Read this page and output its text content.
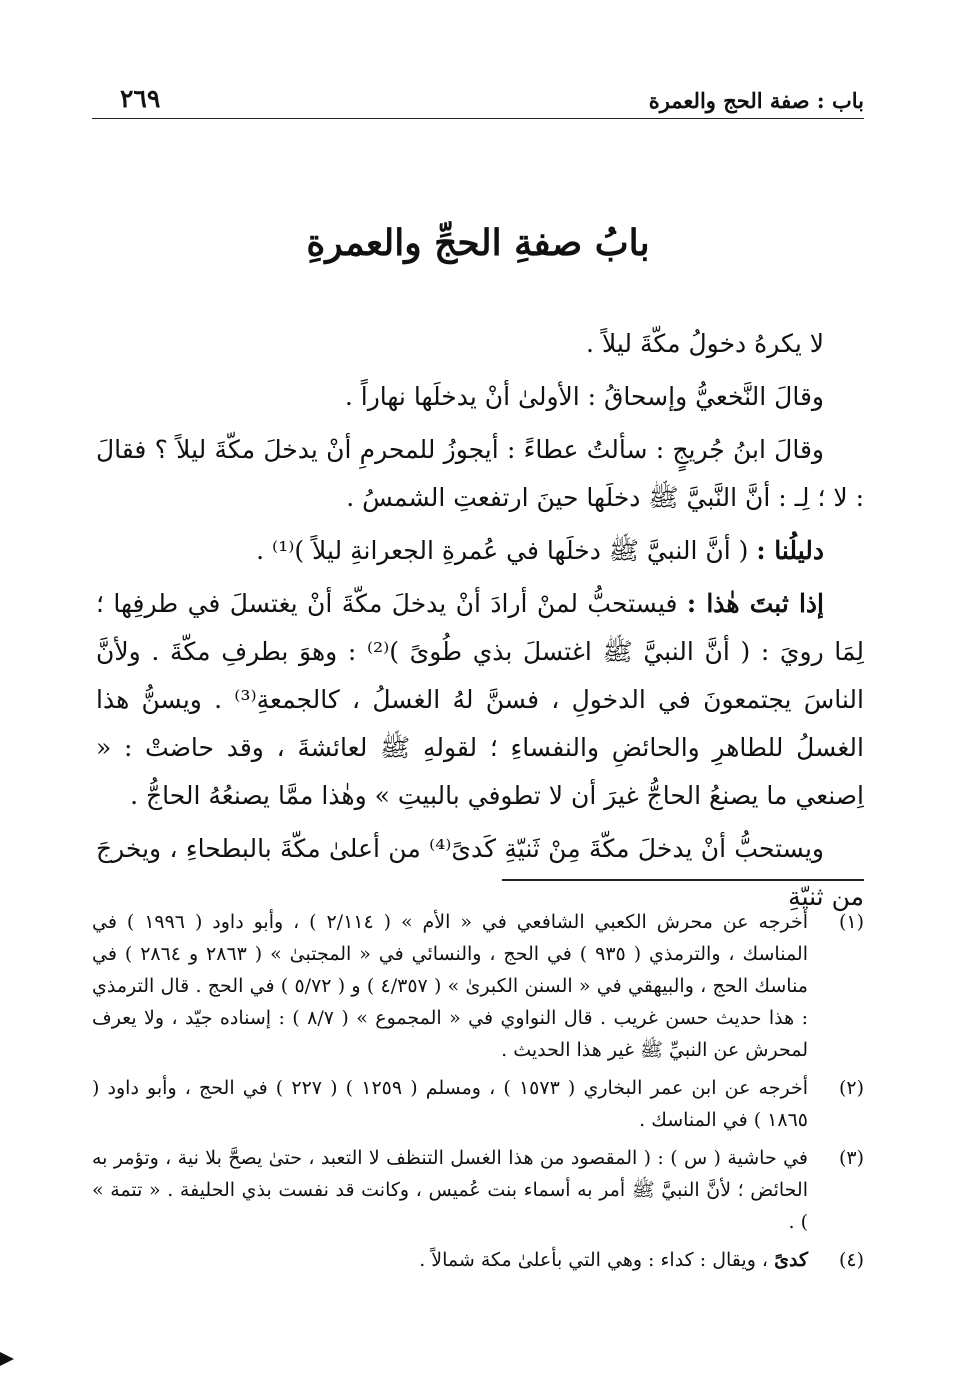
باب : صفة الحج والعمرة
٢٦٩
بابُ صفةِ الحجِّ والعمرةِ

لا يكرهُ دخولُ مكّةَ ليلاً .

وقالَ النَّخعيُّ وإسحاقُ : الأولىٰ أنْ يدخلَها نهاراً .

وقالَ ابنُ جُريجٍ : سألتُ عطاءً : أيجوزُ للمحرمِ أنْ يدخلَ مكّةَ ليلاً ؟ فقالَ : لا ؛ لِـ : أنَّ النَّبيَّ ﷺ دخلَها حينَ ارتفعتِ الشمسُ .

دليلُنا : ( أنَّ النبيَّ ﷺ دخلَها في عُمرةِ الجعرانةِ ليلاً )⁽¹⁾ .

إذا ثبتَ هٰذا : فيستحبُّ لمنْ أرادَ أنْ يدخلَ مكّةَ أنْ يغتسلَ في طرفِها ؛ لِمَا رويَ : ( أنَّ النبيَّ ﷺ اغتسلَ بذي طُوىً )⁽²⁾ : وهوَ بطرفِ مكّةَ . ولأنَّ الناسَ يجتمعونَ في الدخولِ ، فسنَّ لهُ الغسلُ ، كالجمعةِ⁽³⁾ . ويسنُّ هذا الغسلُ للطاهرِ والحائضِ والنفساءِ ؛ لقولهِ ﷺ لعائشةَ ، وقد حاضتْ : « اِصنعي ما يصنعُ الحاجُّ غيرَ أن لا تطوفي بالبيتِ » وهٰذا ممَّا يصنعُهُ الحاجُّ .

ويستحبُّ أنْ يدخلَ مكّةَ مِنْ ثَنيّةِ كَدىً⁽⁴⁾ من أعلىٰ مكّةَ بالبطحاءِ ، ويخرجَ من ثنيّةِ

(١)
أخرجه عن محرش الكعبي الشافعي في « الأم » ( ٢/١١٤ ) ، وأبو داود ( ١٩٩٦ ) في المناسك ، والترمذي ( ٩٣٥ ) في الحج ، والنسائي في « المجتبىٰ » ( ٢٨٦٣ و ٢٨٦٤ ) في مناسك الحج ، والبيهقي في « السنن الكبرىٰ » ( ٤/٣٥٧ ) و ( ٥/٧٢ ) في الحج . قال الترمذي : هذا حديث حسن غريب . قال النواوي في « المجموع » ( ٨/٧ ) : إسناده جيّد ، ولا يعرف لمحرش عن النبيِّ ﷺ غير هذا الحديث .
(٢)
أخرجه عن ابن عمر البخاري ( ١٥٧٣ ) ، ومسلم ( ١٢٥٩ ) ( ٢٢٧ ) في الحج ، وأبو داود ( ١٨٦٥ ) في المناسك .
(٣)
في حاشية ( س ) : ( المقصود من هذا الغسل التنظف لا التعبد ، حتىٰ يصحَّ بلا نية ، وتؤمر به الحائض ؛ لأنَّ النبيَّ ﷺ أمر به أسماء بنت عُميس ، وكانت قد نفست بذي الحليفة . « تتمة » ) .
(٤)
كدىً ، ويقال : كداء : وهي التي بأعلىٰ مكة شمالاً .
